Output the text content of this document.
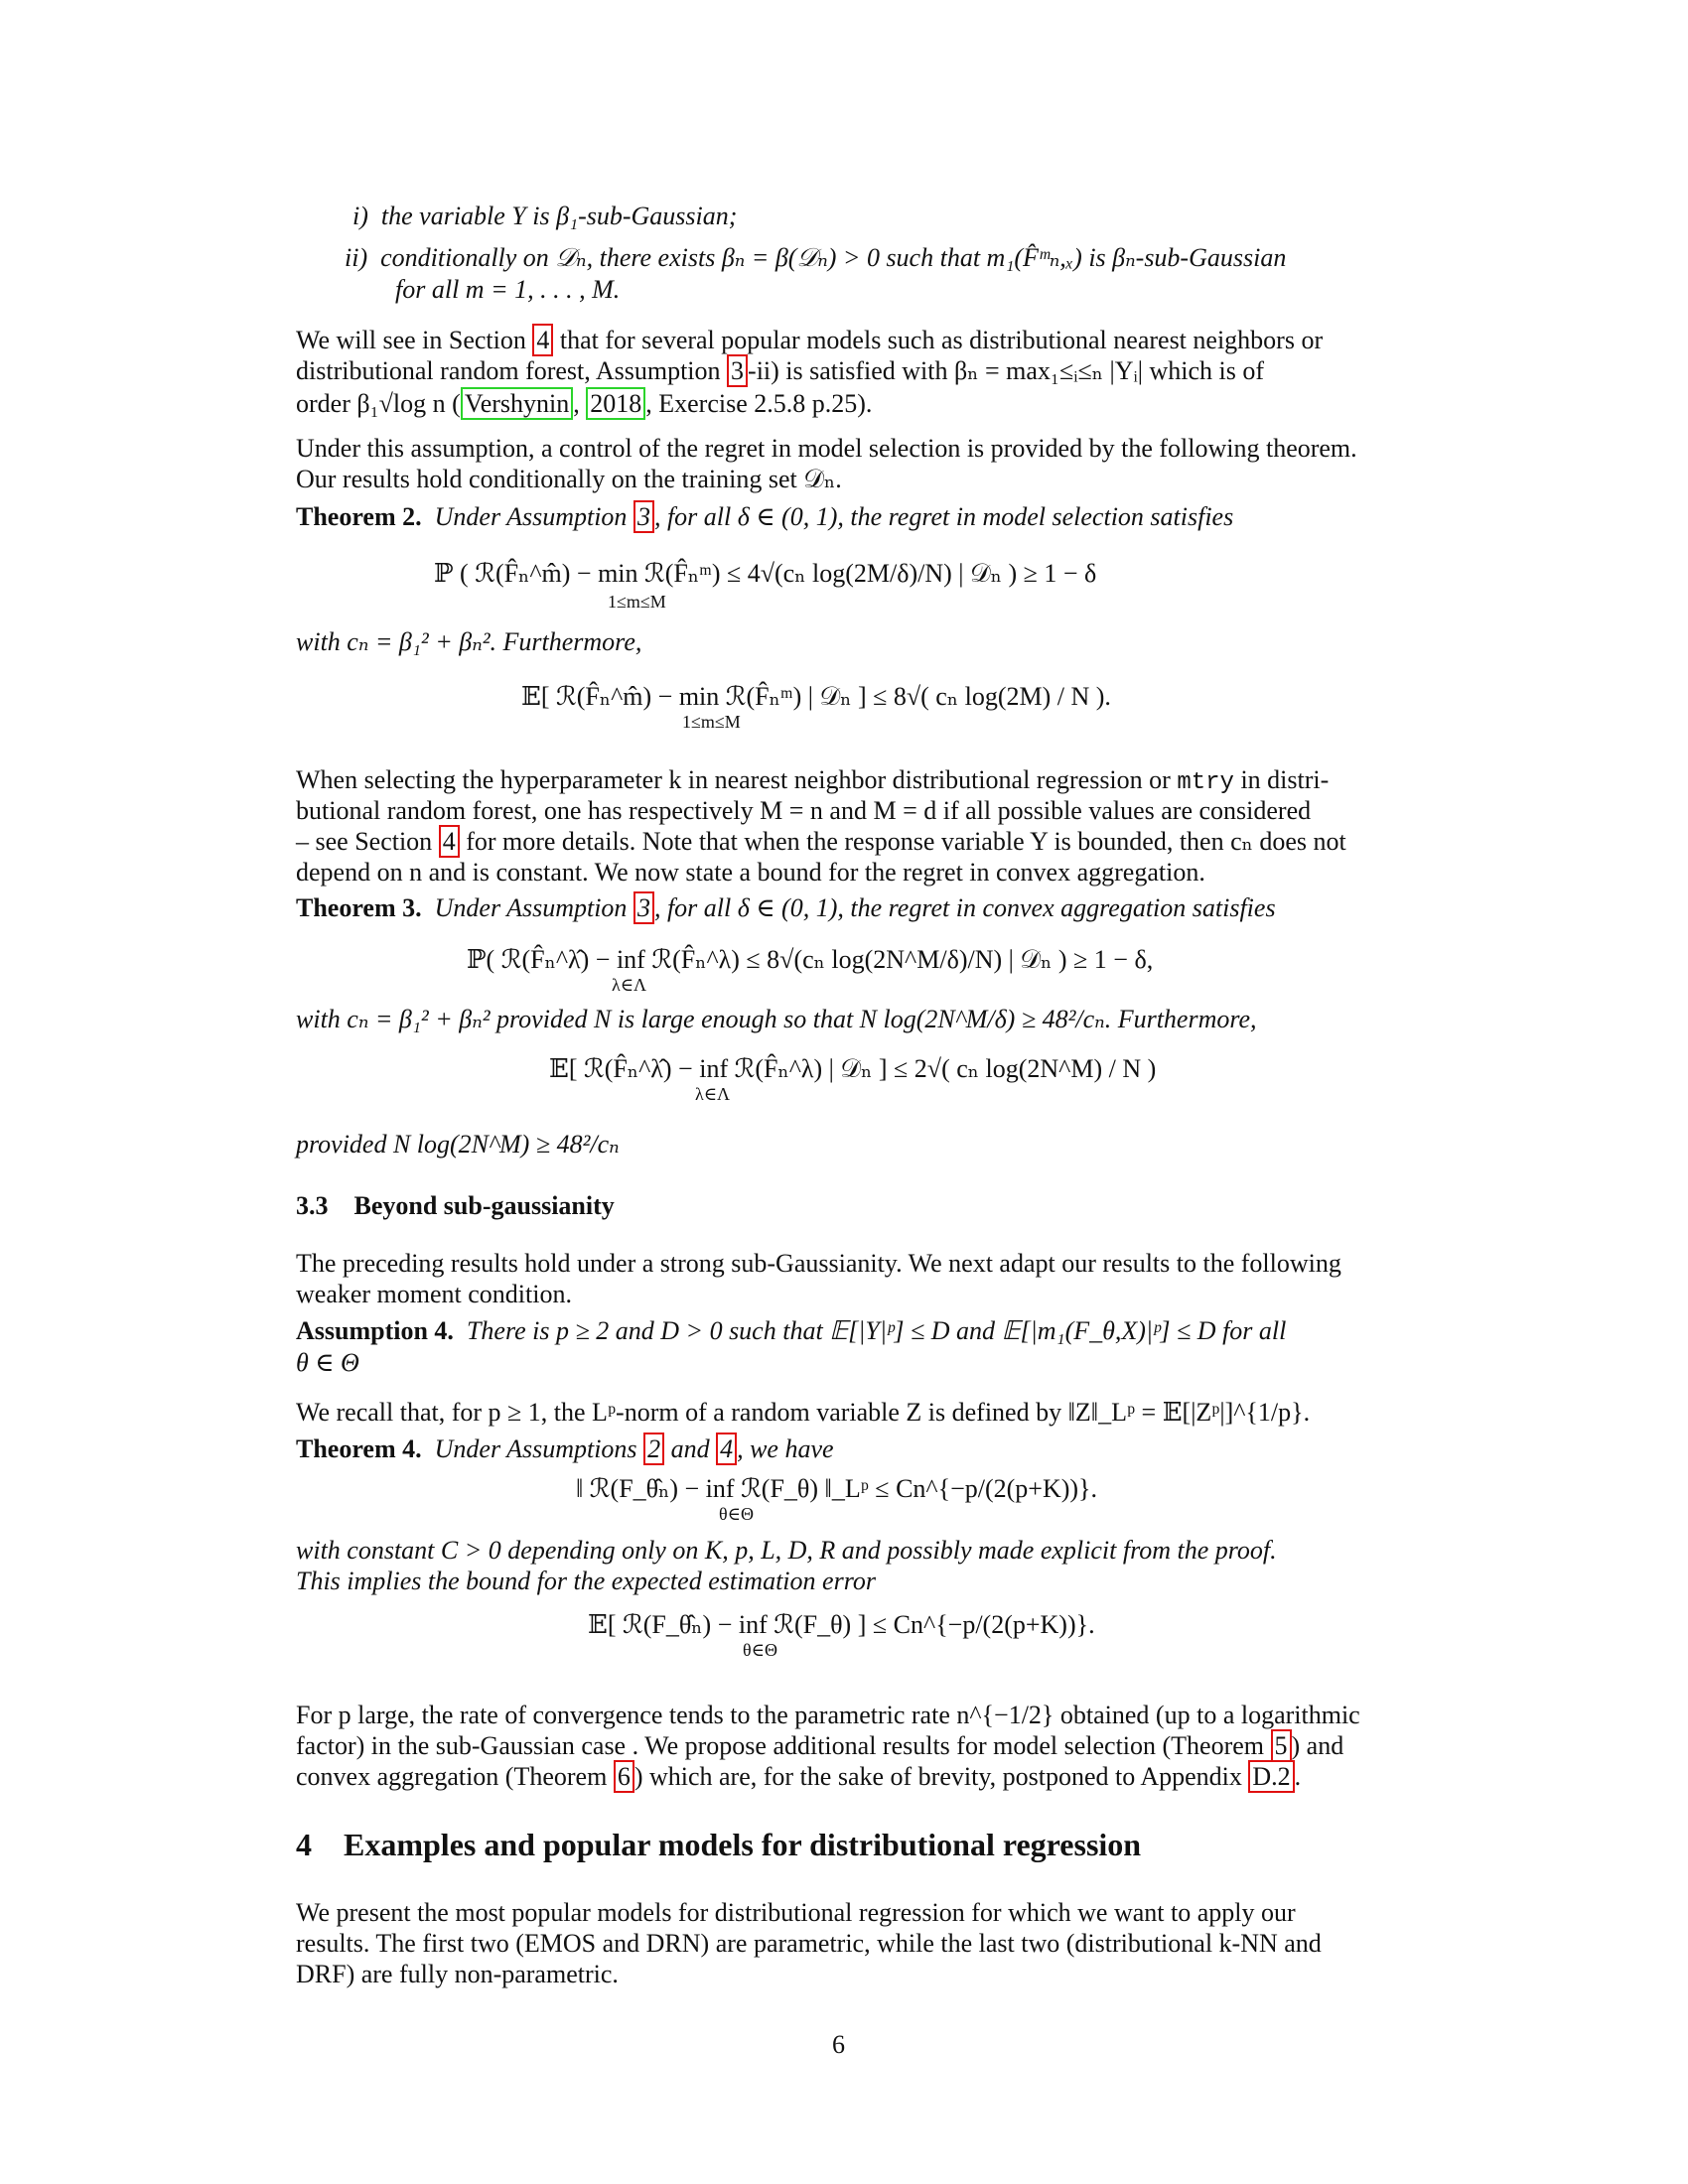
i) the variable Y is β₁-sub-Gaussian;
ii) conditionally on 𝒟ₙ, there exists βₙ = β(𝒟ₙ) > 0 such that m₁(F̂ᵐₙ,ₓ) is βₙ-sub-Gaussian
for all m = 1, . . . , M.
We will see in Section 4 that for several popular models such as distributional nearest neighbors or
distributional random forest, Assumption 3 -ii) is satisfied with βₙ = max₁≤ᵢ≤ₙ |Yᵢ| which is of
order β₁√log n ( Vershynin , 2018 , Exercise 2.5.8 p.25).
Under this assumption, a control of the regret in model selection is provided by the following theorem.
Our results hold conditionally on the training set 𝒟ₙ.
Theorem 2. Under Assumption 3 , for all δ ∈ (0, 1), the regret in model selection satisfies
ℙ ( ℛ(F̂ₙ^m̂) − min ℛ(F̂ₙᵐ) ≤ 4√(cₙ log(2M/δ)/N) | 𝒟ₙ ) ≥ 1 − δ
1≤m≤M
with cₙ = β₁² + βₙ². Furthermore,
𝔼[ ℛ(F̂ₙ^m̂) − min ℛ(F̂ₙᵐ) | 𝒟ₙ ] ≤ 8√( cₙ log(2M) / N ).
1≤m≤M
When selecting the hyperparameter k in nearest neighbor distributional regression or mtry in distri-
butional random forest, one has respectively M = n and M = d if all possible values are considered
– see Section 4 for more details. Note that when the response variable Y is bounded, then cₙ does not
depend on n and is constant. We now state a bound for the regret in convex aggregation.
Theorem 3. Under Assumption 3 , for all δ ∈ (0, 1), the regret in convex aggregation satisfies
ℙ( ℛ(F̂ₙ^λ̂) − inf ℛ(F̂ₙ^λ) ≤ 8√(cₙ log(2N^M/δ)/N) | 𝒟ₙ ) ≥ 1 − δ,
λ∈Λ
with cₙ = β₁² + βₙ² provided N is large enough so that N log(2N^M/δ) ≥ 48²/cₙ. Furthermore,
𝔼[ ℛ(F̂ₙ^λ̂) − inf ℛ(F̂ₙ^λ) | 𝒟ₙ ] ≤ 2√( cₙ log(2N^M) / N )
λ∈Λ
provided N log(2N^M) ≥ 48²/cₙ
3.3 Beyond sub-gaussianity
The preceding results hold under a strong sub-Gaussianity. We next adapt our results to the following
weaker moment condition.
Assumption 4. There is p ≥ 2 and D > 0 such that 𝔼[|Y|ᵖ] ≤ D and 𝔼[|m₁(F_θ,X)|ᵖ] ≤ D for all
θ ∈ Θ
We recall that, for p ≥ 1, the Lᵖ-norm of a random variable Z is defined by ‖Z‖_Lᵖ = 𝔼[|Zᵖ|]^{1/p}.
Theorem 4. Under Assumptions 2 and 4 , we have
‖ ℛ(F_θ̂ₙ) − inf ℛ(F_θ) ‖_Lᵖ ≤ Cn^{−p/(2(p+K))}.
θ∈Θ
with constant C > 0 depending only on K, p, L, D, R and possibly made explicit from the proof.
This implies the bound for the expected estimation error
𝔼[ ℛ(F_θ̂ₙ) − inf ℛ(F_θ) ] ≤ Cn^{−p/(2(p+K))}.
θ∈Θ
For p large, the rate of convergence tends to the parametric rate n^{−1/2} obtained (up to a logarithmic
factor) in the sub-Gaussian case . We propose additional results for model selection (Theorem 5 ) and
convex aggregation (Theorem 6 ) which are, for the sake of brevity, postponed to Appendix D.2 .
4 Examples and popular models for distributional regression
We present the most popular models for distributional regression for which we want to apply our
results. The first two (EMOS and DRN) are parametric, while the last two (distributional k-NN and
DRF) are fully non-parametric.
6
